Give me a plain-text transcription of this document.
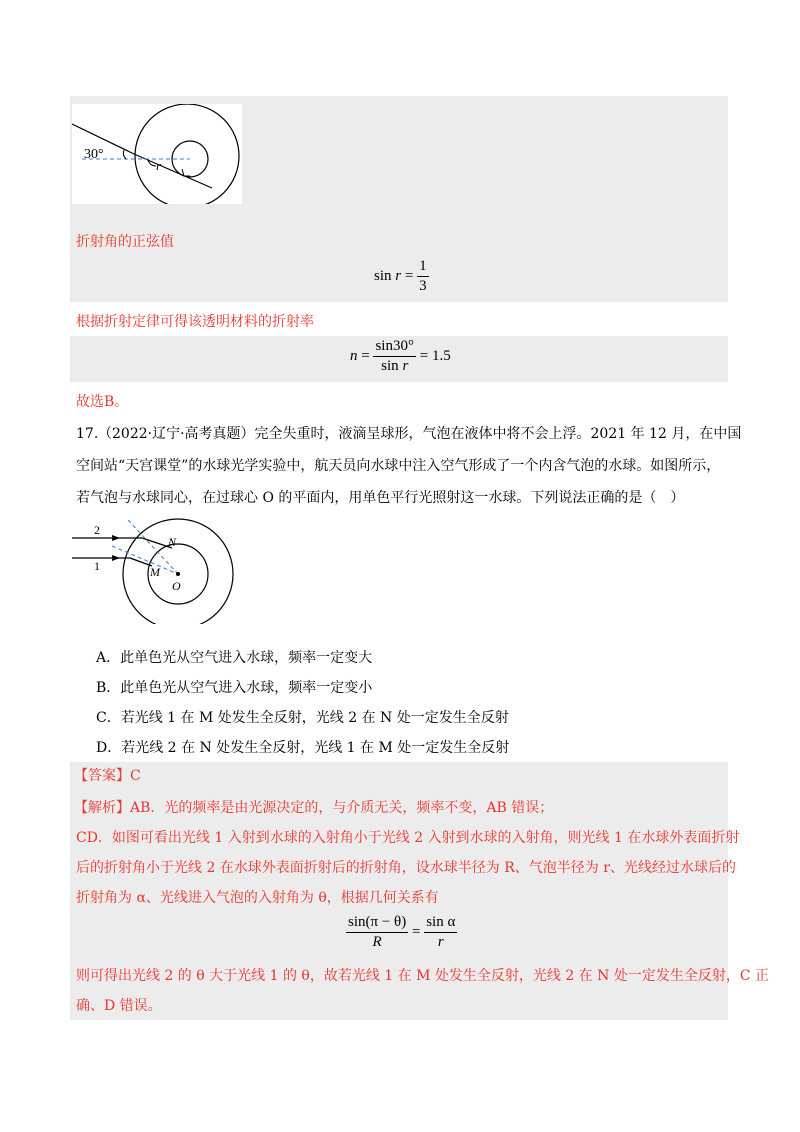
30°
r
折射角的正弦值
$\sin r = \frac{1}{3}$
根据折射定律可得该透明材料的折射率
$n = \frac{\sin 30^\circ}{\text{sin r}} = 1.5$
故选B。
17. （2022·辽宁·高考真题）完全失重时，液滴呈球形，气泡在液体中将不会上浮。2021 年 12 月，在中国
空间站“天宫课堂”的水球光学实验中，航天员向水球中注入空气形成了一个内含气泡的水球。如图所示，
若气泡与水球同心，在过球心 O 的平面内，用单色平行光照射这一水球。下列说法正确的是（　）
2
1
N
M
O
A．此单色光从空气进入水球，频率一定变大
B．此单色光从空气进入水球，频率一定变小
C．若光线 1 在 M 处发生全反射，光线 2 在 N 处一定发生全反射
D．若光线 2 在 N 处发生全反射，光线 1 在 M 处一定发生全反射
【答案】C
【解析】AB．光的频率是由光源决定的，与介质无关，频率不变，AB 错误；
CD．如图可看出光线 1 入射到水球的入射角小于光线 2 入射到水球的入射角，则光线 1 在水球外表面折射
后的折射角小于光线 2 在水球外表面折射后的折射角，设水球半径为 R、气泡半径为 r、光线经过水球后的
折射角为 α、光线进入气泡的入射角为 θ，根据几何关系有
$\frac{\sin(\pi - \theta)}{R} = \frac{\text{sin α}}{r}$
则可得出光线 2 的 θ 大于光线 1 的 θ，故若光线 1 在 M 处发生全反射，光线 2 在 N 处一定发生全反射，C 正
确、D 错误。
